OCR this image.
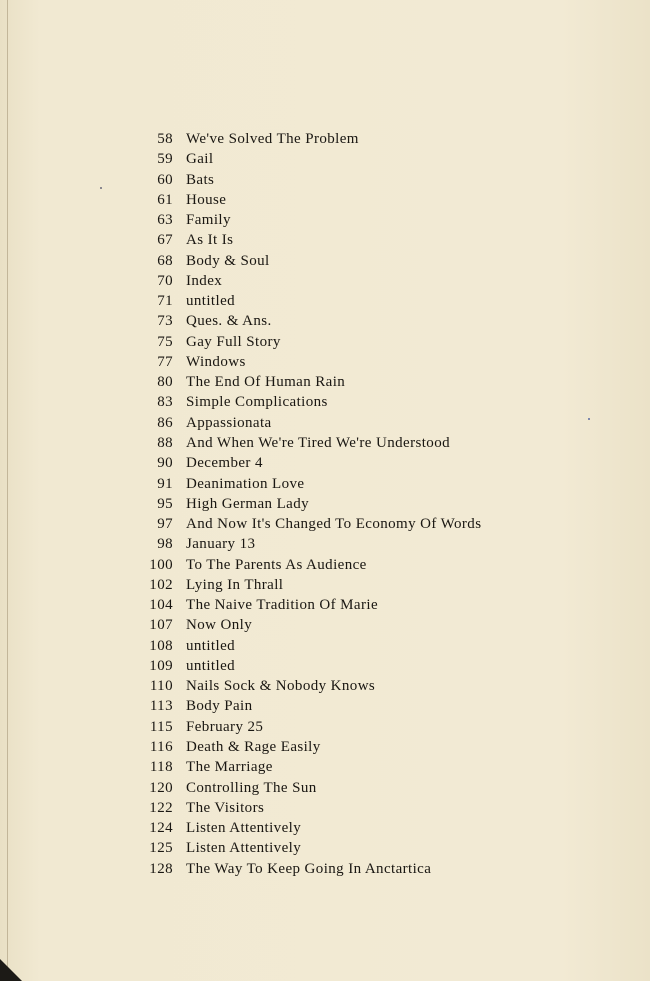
58 We've Solved The Problem
59 Gail
60 Bats
61 House
63 Family
67 As It Is
68 Body & Soul
70 Index
71 untitled
73 Ques. & Ans.
75 Gay Full Story
77 Windows
80 The End Of Human Rain
83 Simple Complications
86 Appassionata
88 And When We're Tired We're Understood
90 December 4
91 Deanimation Love
95 High German Lady
97 And Now It's Changed To Economy Of Words
98 January 13
100 To The Parents As Audience
102 Lying In Thrall
104 The Naive Tradition Of Marie
107 Now Only
108 untitled
109 untitled
110 Nails Sock & Nobody Knows
113 Body Pain
115 February 25
116 Death & Rage Easily
118 The Marriage
120 Controlling The Sun
122 The Visitors
124 Listen Attentively
125 Listen Attentively
128 The Way To Keep Going In Anctartica
